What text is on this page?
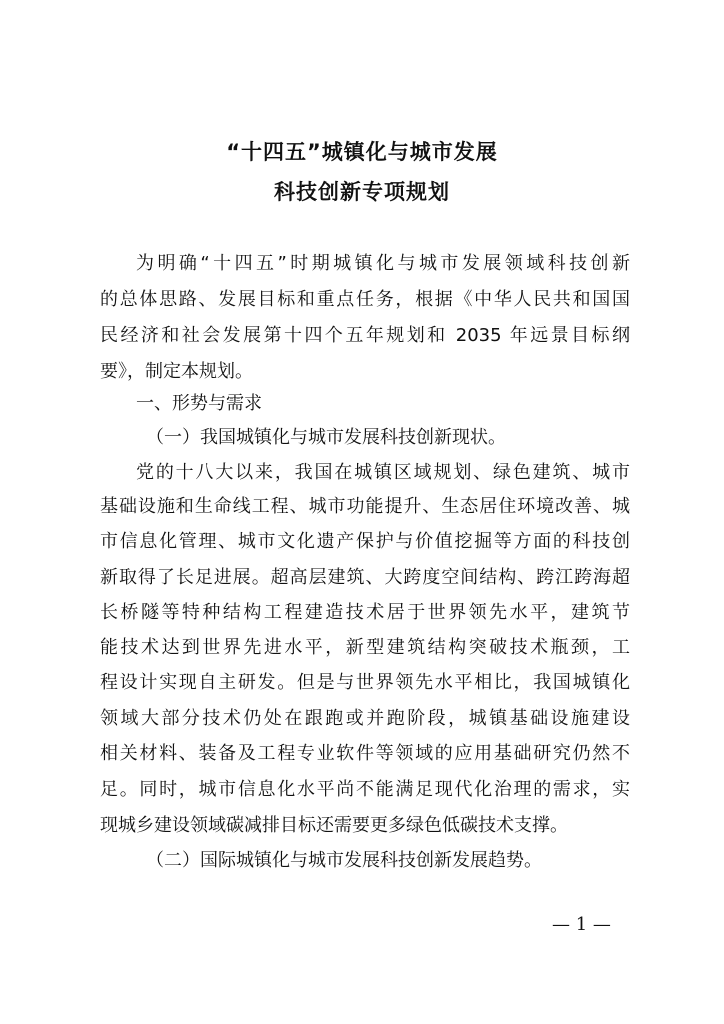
“十四五”城镇化与城市发展
科技创新专项规划
为明确“十四五”时期城镇化与城市发展领域科技创新
的总体思路、发展目标和重点任务，根据《中华人民共和国国
民经济和社会发展第十四个五年规划和 2035 年远景目标纲
要》，制定本规划。
一、形势与需求
（一）我国城镇化与城市发展科技创新现状。
党的十八大以来，我国在城镇区域规划、绿色建筑、城市
基础设施和生命线工程、城市功能提升、生态居住环境改善、城
市信息化管理、城市文化遗产保护与价值挖掘等方面的科技创
新取得了长足进展。超高层建筑、大跨度空间结构、跨江跨海超
长桥隧等特种结构工程建造技术居于世界领先水平，建筑节
能技术达到世界先进水平，新型建筑结构突破技术瓶颈，工
程设计实现自主研发。但是与世界领先水平相比，我国城镇化
领域大部分技术仍处在跟跑或并跑阶段，城镇基础设施建设
相关材料、装备及工程专业软件等领域的应用基础研究仍然不
足。同时，城市信息化水平尚不能满足现代化治理的需求，实
现城乡建设领域碳减排目标还需要更多绿色低碳技术支撑。
（二）国际城镇化与城市发展科技创新发展趋势。
— 1 —
